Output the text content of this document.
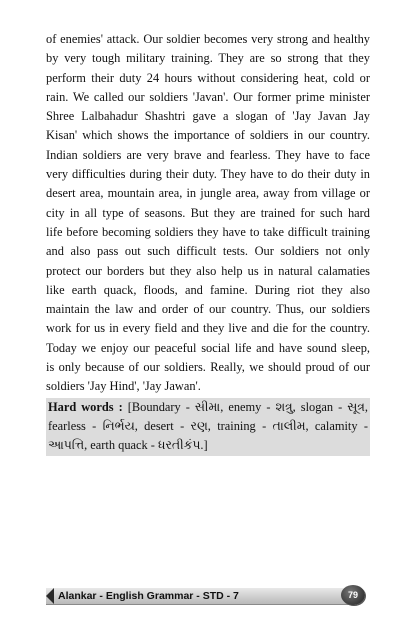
of enemies' attack. Our soldier becomes very strong and healthy
by very tough military training. They are so strong that they
perform their duty 24 hours without considering heat, cold or
rain. We called our soldiers 'Javan'. Our former prime minister
Shree Lalbahadur Shashtri gave a slogan of 'Jay Javan Jay
Kisan' which shows the importance of soldiers in our country.
Indian soldiers are very brave and fearless. They have to face
very difficulties during their duty. They have to do their duty in
desert area, mountain area, in jungle area, away from village or
city in all type of seasons. But they are trained for such hard
life before becoming soldiers they have to take difficult training
and also pass out such difficult tests. Our soldiers not only
protect our borders but they also help us in natural calamaties
like earth quack, floods, and famine. During riot they also
maintain the law and order of our country. Thus, our soldiers
work for us in every field and they live and die for the country.
Today we enjoy our peaceful social life and have sound sleep,
is only because of our soldiers. Really, we should proud of our
soldiers 'Jay Hind', 'Jay Jawan'.

Hard words : [Boundary - સીમા, enemy - શત્રુ, slogan - સૂત્ર,
fearless - નિર્ભય, desert - રણ, training - તાલીમ, calamity -
આપત્તિ, earth quack - ધરતીકંપ.]
Alankar - English Grammar - STD - 7	79
